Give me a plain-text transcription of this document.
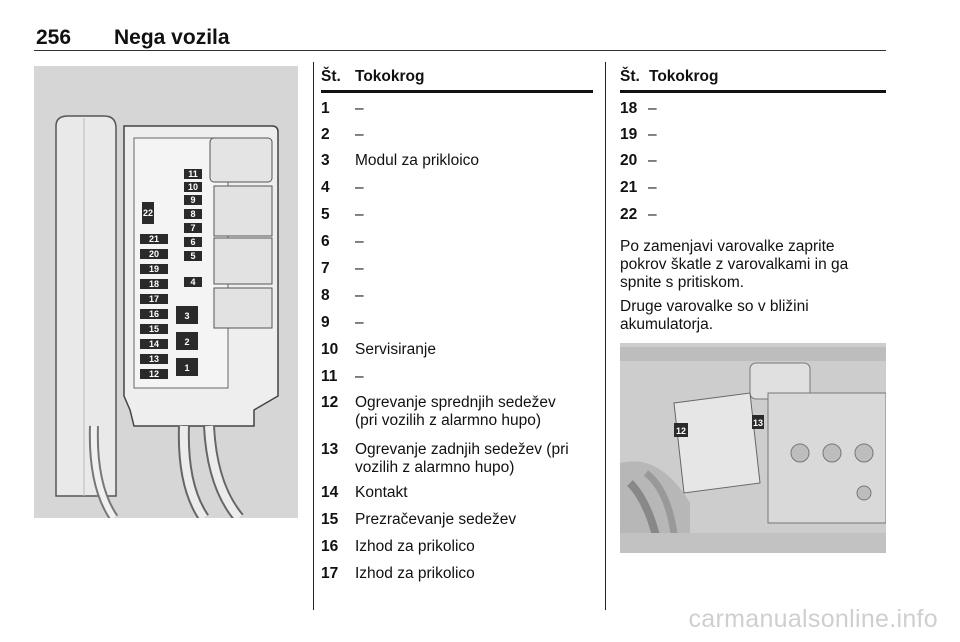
256 Nega vozila
11
10
9
8
7
6
5
4
3
2
1
22
21
20
19
18
17
16
15
14
13
12
Št. Tokokrog
1 –
2 –
3 Modul za prikloico
4 –
5 –
6 –
7 –
8 –
9 –
10 Servisiranje
11 –
12 Ogrevanje sprednjih sedežev
(pri vozilih z alarmno hupo)
13 Ogrevanje zadnjih sedežev (pri
vozilih z alarmno hupo)
14 Kontakt
15 Prezračevanje sedežev
16 Izhod za prikolico
17 Izhod za prikolico
Št. Tokokrog
18 –
19 –
20 –
21 –
22 –
Po zamenjavi varovalke zaprite
pokrov škatle z varovalkami in ga
spnite s pritiskom.
Druge varovalke so v bližini
akumulatorja.
12
13
carmanualsonline.info
